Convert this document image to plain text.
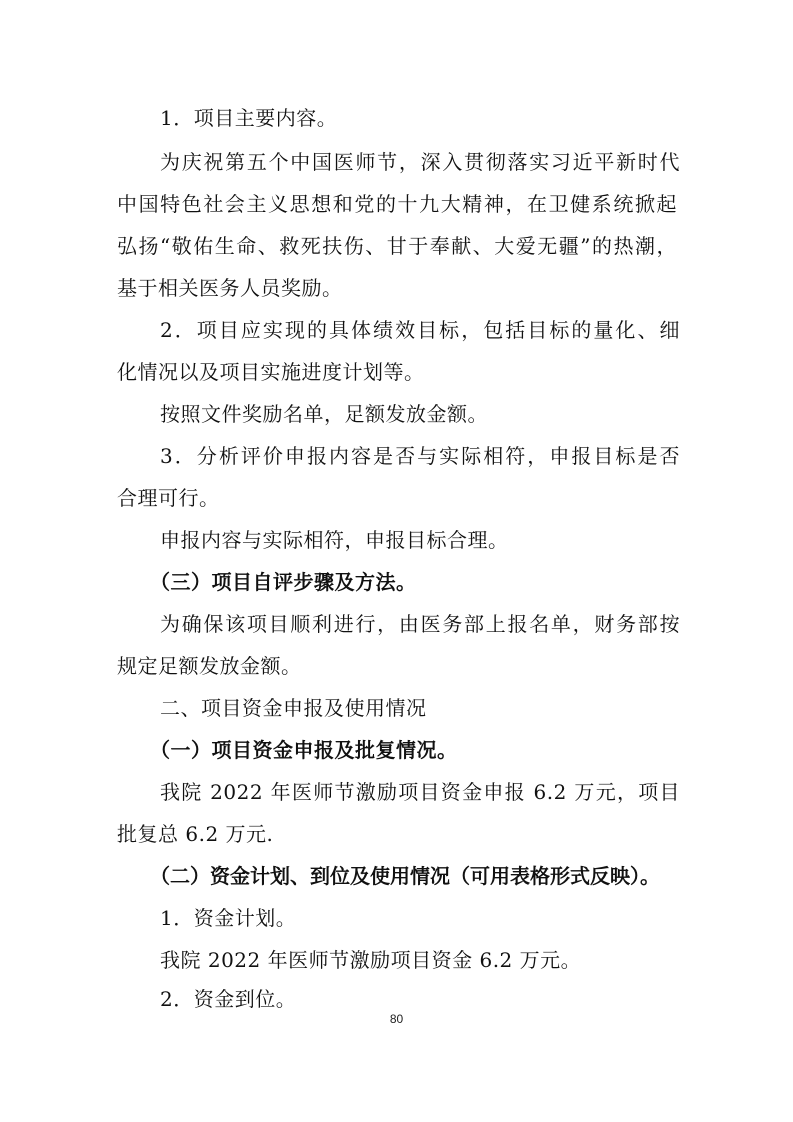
1．项目主要内容。
为庆祝第五个中国医师节，深入贯彻落实习近平新时代
中国特色社会主义思想和党的十九大精神，在卫健系统掀起
弘扬“敬佑生命、救死扶伤、甘于奉献、大爱无疆”的热潮，
基于相关医务人员奖励。
2．项目应实现的具体绩效目标，包括目标的量化、细
化情况以及项目实施进度计划等。
按照文件奖励名单，足额发放金额。
3．分析评价申报内容是否与实际相符，申报目标是否
合理可行。
申报内容与实际相符，申报目标合理。
（三）项目自评步骤及方法。
为确保该项目顺利进行，由医务部上报名单，财务部按
规定足额发放金额。
二、项目资金申报及使用情况
（一）项目资金申报及批复情况。
我院 2022 年医师节激励项目资金申报 6.2 万元，项目
批复总 6.2 万元.
（二）资金计划、到位及使用情况（可用表格形式反映）。
1．资金计划。
我院 2022 年医师节激励项目资金 6.2 万元。
2．资金到位。
80
